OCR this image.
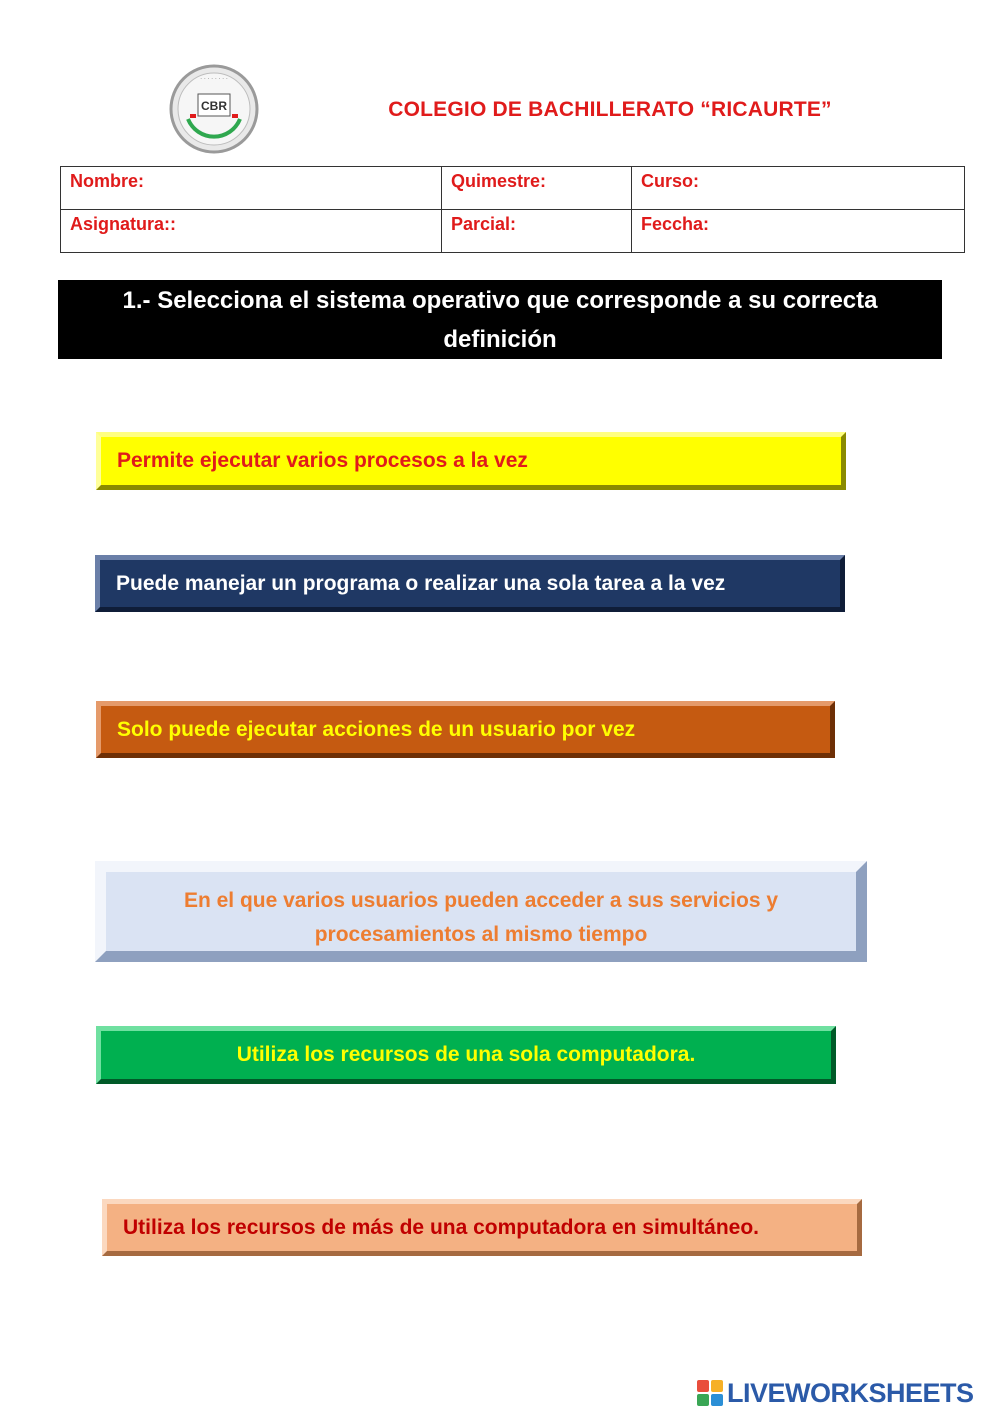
CBR
· · · · · · · ·
COLEGIO DE BACHILLERATO “RICAURTE”
Nombre:	Quimestre:	Curso:
Asignatura::	Parcial:	Feccha:
1.- Selecciona el sistema operativo que corresponde a su correcta
definición
Permite ejecutar varios procesos a la vez
Puede manejar un programa o realizar una sola tarea a la vez
Solo puede ejecutar acciones de un usuario por vez
En el que varios usuarios pueden acceder a sus servicios y procesamientos al mismo tiempo
Utiliza los recursos de una sola computadora.
Utiliza los recursos de más de una computadora en simultáneo.
LIVEWORKSHEETS
